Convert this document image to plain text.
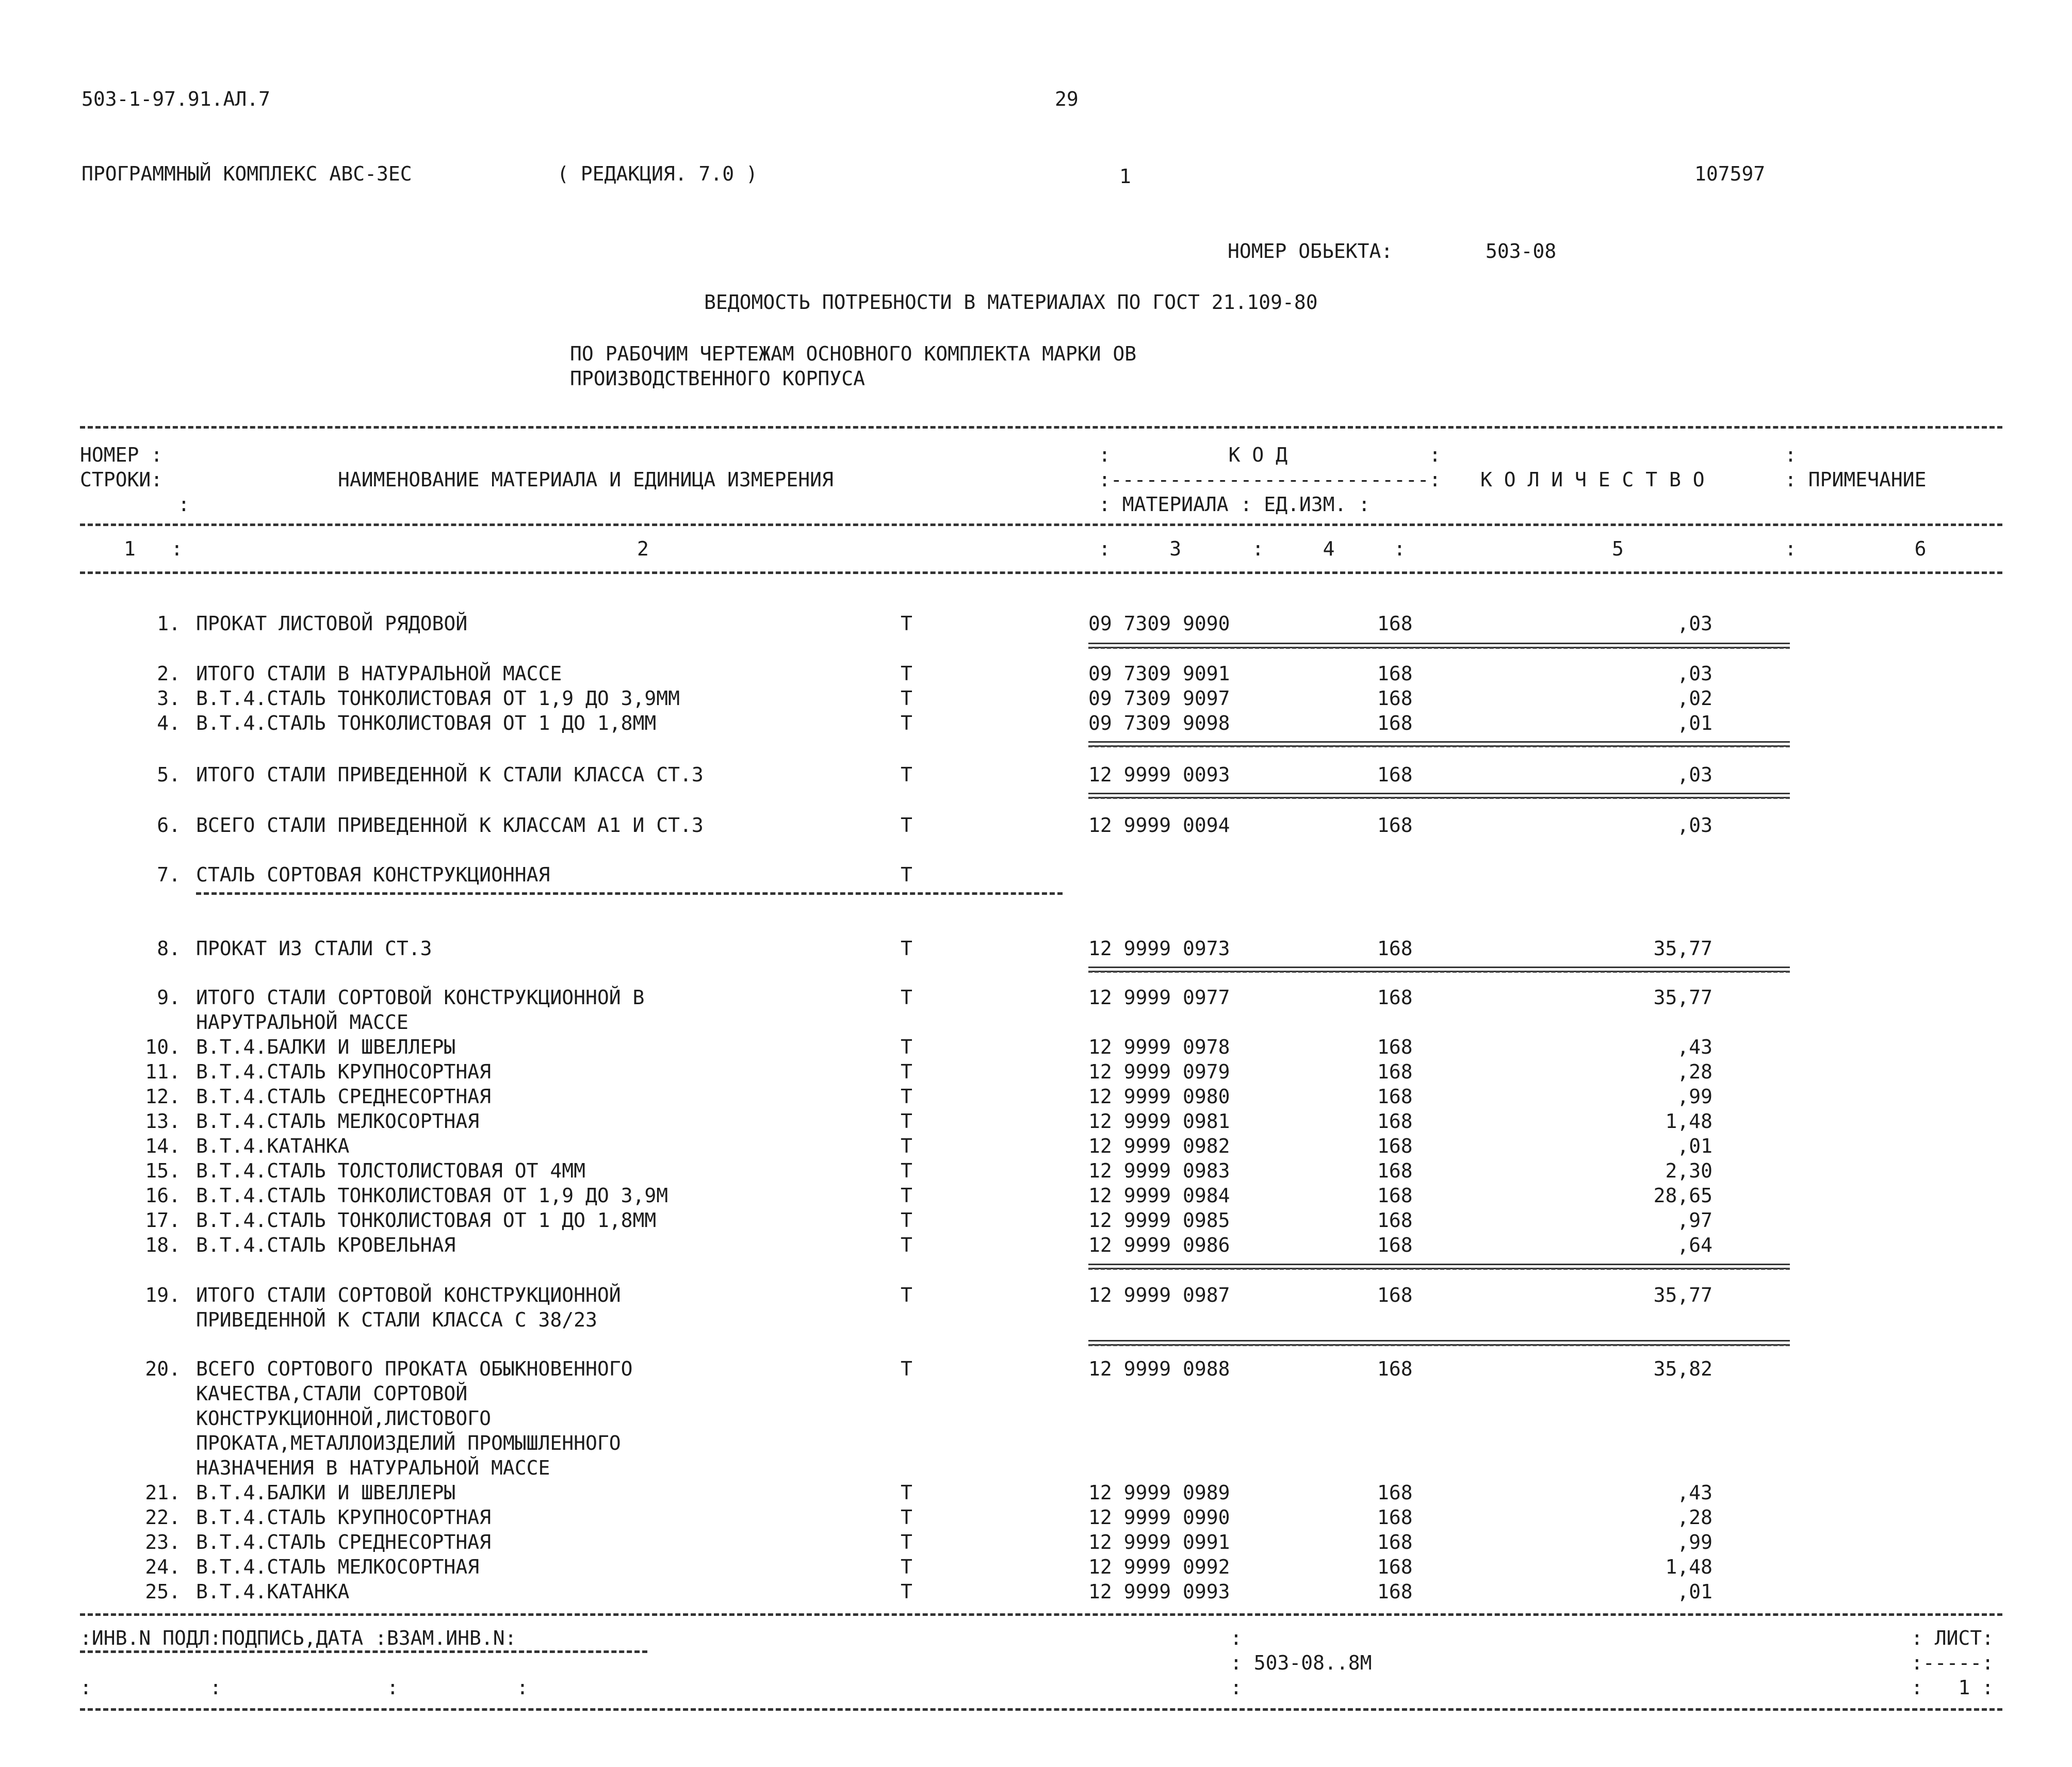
503-1-97.91.АЛ.7	29
ПРОГРАММНЫЙ КОМПЛЕКС АВС-3ЕС	( РЕДАКЦИЯ. 7.0 )	1	107597
НОМЕР ОБЬЕКТА:	503-08
ВЕДОМОСТЬ ПОТРЕБНОСТИ В МАТЕРИАЛАХ ПО ГОСТ 21.109-80
ПО РАБОЧИМ ЧЕРТЕЖАМ ОСНОВНОГО КОМПЛЕКТА МАРКИ ОВ
ПРОИЗВОДСТВЕННОГО КОРПУСА
НОМЕР :
СТРОКИ:
:
НАИМЕНОВАНИЕ МАТЕРИАЛА И ЕДИНИЦА ИЗМЕРЕНИЯ
:          К О Д            :
:---------------------------:
: МАТЕРИАЛА : ЕД.ИЗМ. :
К О Л И Ч Е С Т В О	: ПРИМЕЧАНИЕ
:
1   :	2	:     3      :     4     :	5	:          6
1. ПРОКАТ ЛИСТОВОЙ РЯДОВОЙ	Т	09 7309 9090	168	,03
2. ИТОГО СТАЛИ В НАТУРАЛЬНОЙ МАССЕ	Т	09 7309 9091	168	,03
3. В.Т.4.СТАЛЬ ТОНКОЛИСТОВАЯ ОТ 1,9 ДО 3,9ММ	Т	09 7309 9097	168	,02
4. В.Т.4.СТАЛЬ ТОНКОЛИСТОВАЯ ОТ 1 ДО 1,8ММ	Т	09 7309 9098	168	,01
5. ИТОГО СТАЛИ ПРИВЕДЕННОЙ К СТАЛИ КЛАССА СТ.3	Т	12 9999 0093	168	,03
6. ВСЕГО СТАЛИ ПРИВЕДЕННОЙ К КЛАССАМ А1 И СТ.3	Т	12 9999 0094	168	,03
7. СТАЛЬ СОРТОВАЯ КОНСТРУКЦИОННАЯ	Т
8. ПРОКАТ ИЗ СТАЛИ СТ.3	Т	12 9999 0973	168	35,77
9. ИТОГО СТАЛИ СОРТОВОЙ КОНСТРУКЦИОННОЙ В	Т	12 9999 0977	168	35,77
НАРУТРАЛЬНОЙ МАССЕ
10. В.Т.4.БАЛКИ И ШВЕЛЛЕРЫ	Т	12 9999 0978	168	,43
11. В.Т.4.СТАЛЬ КРУПНОСОРТНАЯ	Т	12 9999 0979	168	,28
12. В.Т.4.СТАЛЬ СРЕДНЕСОРТНАЯ	Т	12 9999 0980	168	,99
13. В.Т.4.СТАЛЬ МЕЛКОСОРТНАЯ	Т	12 9999 0981	168	1,48
14. В.Т.4.КАТАНКА	Т	12 9999 0982	168	,01
15. В.Т.4.СТАЛЬ ТОЛСТОЛИСТОВАЯ ОТ 4ММ	Т	12 9999 0983	168	2,30
16. В.Т.4.СТАЛЬ ТОНКОЛИСТОВАЯ ОТ 1,9 ДО 3,9М	Т	12 9999 0984	168	28,65
17. В.Т.4.СТАЛЬ ТОНКОЛИСТОВАЯ ОТ 1 ДО 1,8ММ	Т	12 9999 0985	168	,97
18. В.Т.4.СТАЛЬ КРОВЕЛЬНАЯ	Т	12 9999 0986	168	,64
19. ИТОГО СТАЛИ СОРТОВОЙ КОНСТРУКЦИОННОЙ	Т	12 9999 0987	168	35,77
ПРИВЕДЕННОЙ К СТАЛИ КЛАССА С 38/23
20. ВСЕГО СОРТОВОГО ПРОКАТА ОБЫКНОВЕННОГО	Т	12 9999 0988	168	35,82
КАЧЕСТВА,СТАЛИ СОРТОВОЙ
КОНСТРУКЦИОННОЙ,ЛИСТОВОГО
ПРОКАТА,МЕТАЛЛОИЗДЕЛИЙ ПРОМЫШЛЕННОГО
НАЗНАЧЕНИЯ В НАТУРАЛЬНОЙ МАССЕ
21. В.Т.4.БАЛКИ И ШВЕЛЛЕРЫ	Т	12 9999 0989	168	,43
22. В.Т.4.СТАЛЬ КРУПНОСОРТНАЯ	Т	12 9999 0990	168	,28
23. В.Т.4.СТАЛЬ СРЕДНЕСОРТНАЯ	Т	12 9999 0991	168	,99
24. В.Т.4.СТАЛЬ МЕЛКОСОРТНАЯ	Т	12 9999 0992	168	1,48
25. В.Т.4.КАТАНКА	Т	12 9999 0993	168	,01
:ИНВ.N ПОДЛ:ПОДПИСЬ,ДАТА :ВЗАМ.ИНВ.N:
:          :              :          :
:
: 503-08..8М
:
: ЛИСТ:
:-----:
:   1 :
